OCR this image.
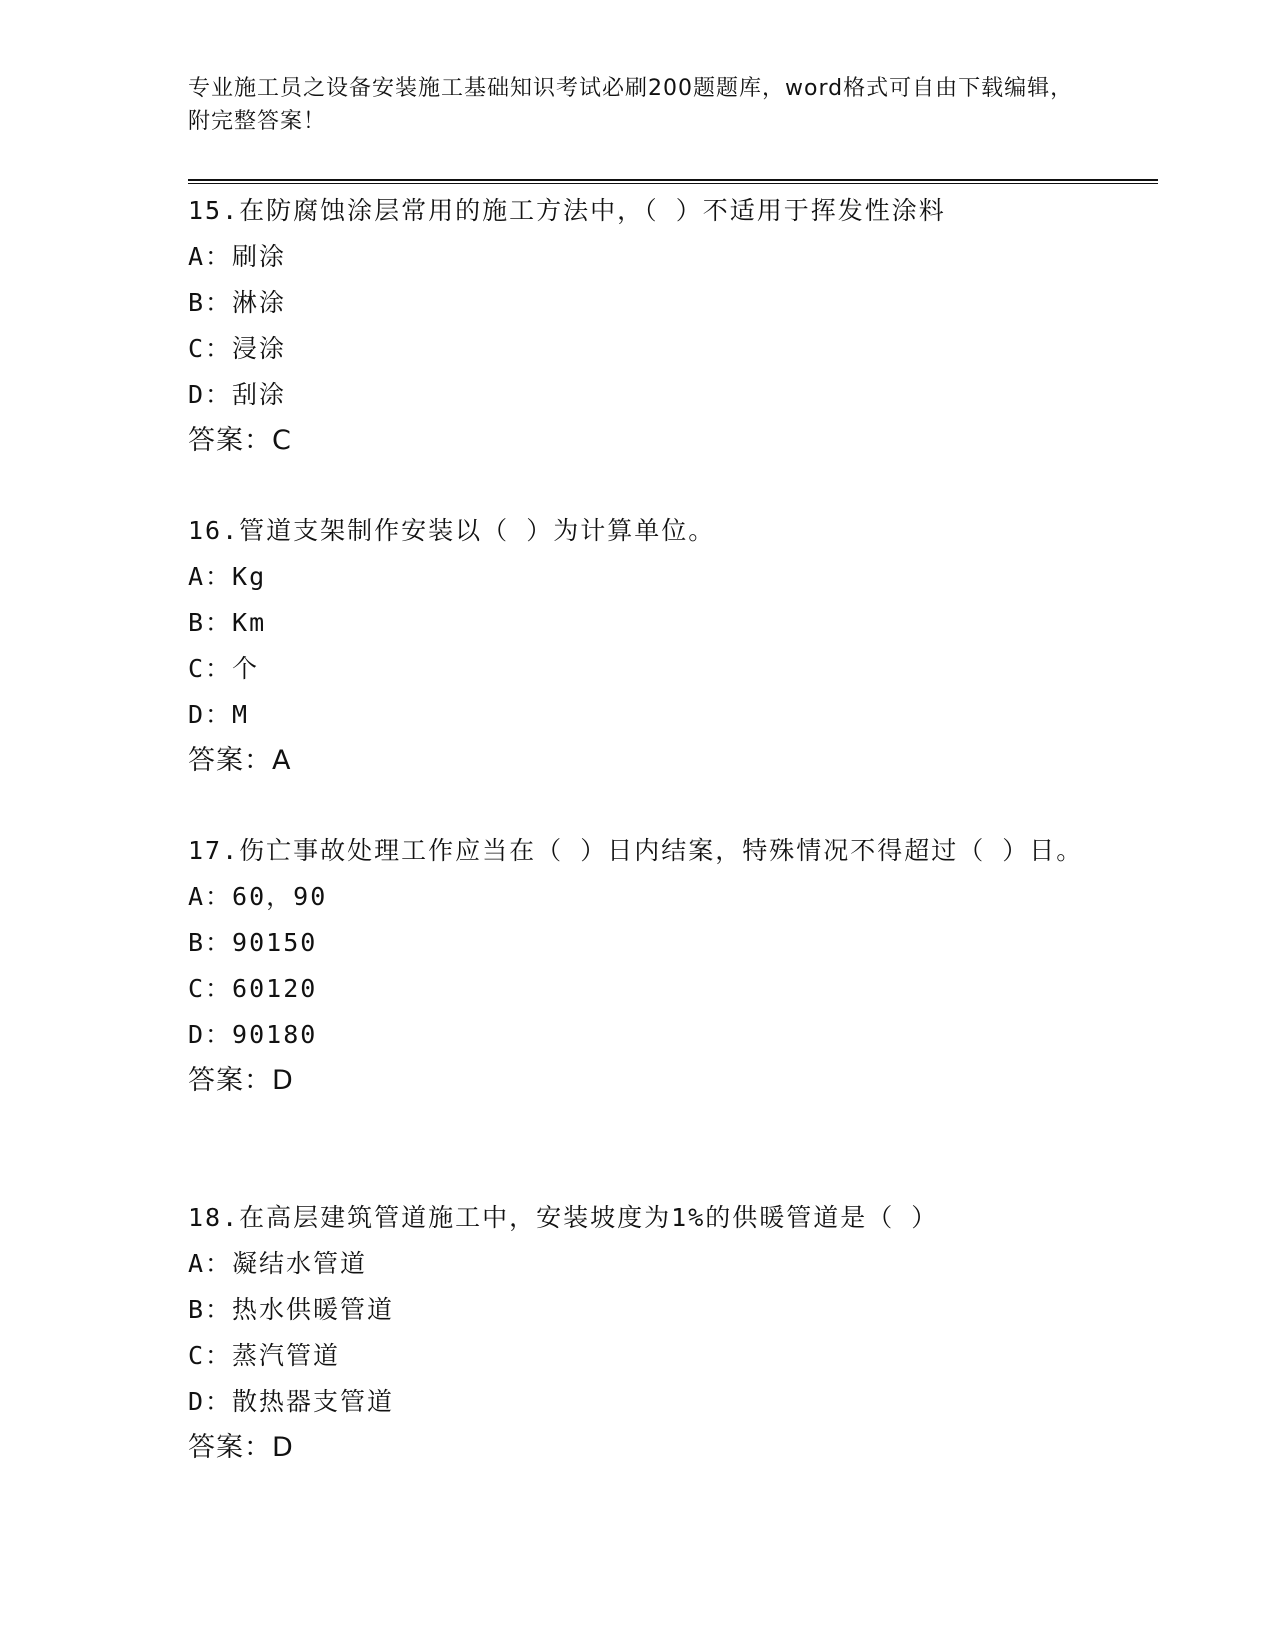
专业施工员之设备安装施工基础知识考试必刷200题题库，word格式可自由下载编辑，附完整答案！
15.在防腐蚀涂层常用的施工方法中，（ ）不适用于挥发性涂料
A：刷涂
B：淋涂
C：浸涂
D：刮涂
答案：C
16.管道支架制作安装以（ ）为计算单位。
A：Kg
B：Km
C：个
D：M
答案：A
17.伤亡事故处理工作应当在（ ）日内结案，特殊情况不得超过（ ）日。
A：60，90
B：90150
C：60120
D：90180
答案：D
18.在高层建筑管道施工中，安装坡度为1%的供暖管道是（ ）
A：凝结水管道
B：热水供暖管道
C：蒸汽管道
D：散热器支管道
答案：D
